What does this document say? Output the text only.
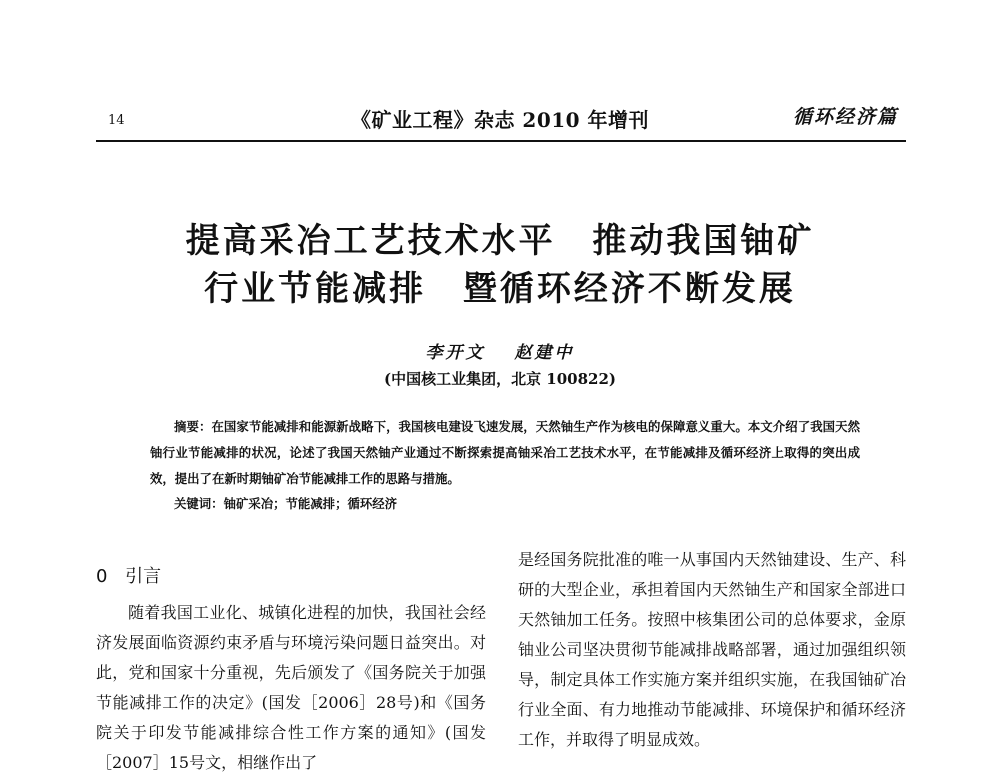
14	《矿业工程》杂志 2010 年增刊	循环经济篇
提高采冶工艺技术水平 推动我国铀矿
行业节能减排 暨循环经济不断发展
李开文 赵建中
(中国核工业集团，北京 100822)
摘要：在国家节能减排和能源新战略下，我国核电建设飞速发展，天然铀生产作为核电的保障意义重大。本文介绍了我国天然铀行业节能减排的状况，论述了我国天然铀产业通过不断探索提高铀采冶工艺技术水平，在节能减排及循环经济上取得的突出成效，提出了在新时期铀矿冶节能减排工作的思路与措施。
关键词：铀矿采冶；节能减排；循环经济
0 引言
随着我国工业化、城镇化进程的加快，我国社会经济发展面临资源约束矛盾与环境污染问题日益突出。对此，党和国家十分重视，先后颁发了《国务院关于加强节能减排工作的决定》(国发［2006］28号)和《国务院关于印发节能减排综合性工作方案的通知》(国发［2007］15号文，相继作出了
是经国务院批准的唯一从事国内天然铀建设、生产、科研的大型企业，承担着国内天然铀生产和国家全部进口天然铀加工任务。按照中核集团公司的总体要求，金原铀业公司坚决贯彻节能减排战略部署，通过加强组织领导，制定具体工作实施方案并组织实施，在我国铀矿冶行业全面、有力地推动节能减排、环境保护和循环经济工作，并取得了明显成效。
